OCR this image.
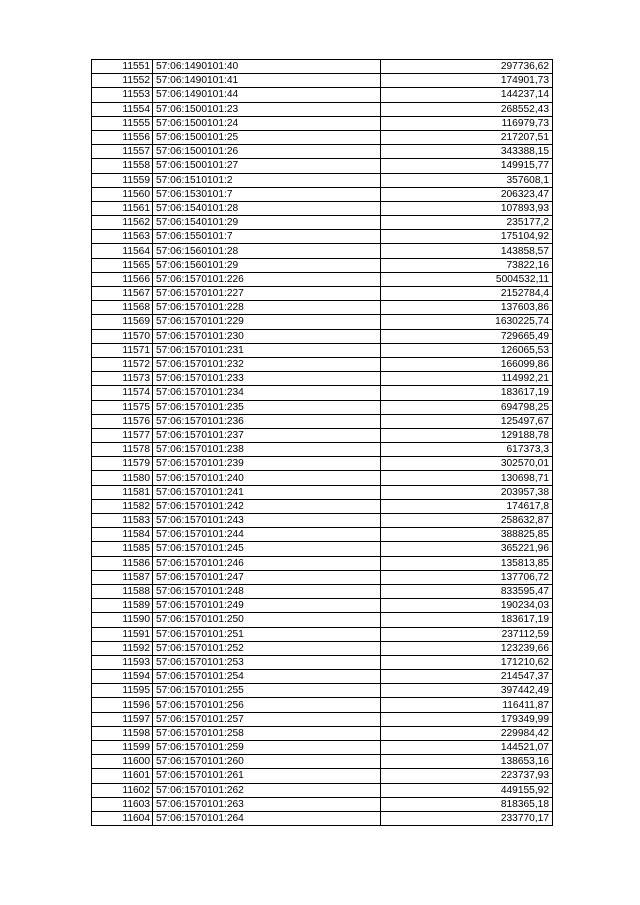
11551	57:06:1490101:40	297736,62
11552	57:06:1490101:41	174901,73
11553	57:06:1490101:44	144237,14
11554	57:06:1500101:23	268552,43
11555	57:06:1500101:24	116979,73
11556	57:06:1500101:25	217207,51
11557	57:06:1500101:26	343388,15
11558	57:06:1500101:27	149915,77
11559	57:06:1510101:2	357608,1
11560	57:06:1530101:7	206323,47
11561	57:06:1540101:28	107893,93
11562	57:06:1540101:29	235177,2
11563	57:06:1550101:7	175104,92
11564	57:06:1560101:28	143858,57
11565	57:06:1560101:29	73822,16
11566	57:06:1570101:226	5004532,11
11567	57:06:1570101:227	2152784,4
11568	57:06:1570101:228	137603,86
11569	57:06:1570101:229	1630225,74
11570	57:06:1570101:230	729665,49
11571	57:06:1570101:231	126065,53
11572	57:06:1570101:232	166099,86
11573	57:06:1570101:233	114992,21
11574	57:06:1570101:234	183617,19
11575	57:06:1570101:235	694798,25
11576	57:06:1570101:236	125497,67
11577	57:06:1570101:237	129188,78
11578	57:06:1570101:238	617373,3
11579	57:06:1570101:239	302570,01
11580	57:06:1570101:240	130698,71
11581	57:06:1570101:241	203957,38
11582	57:06:1570101:242	174617,8
11583	57:06:1570101:243	258632,87
11584	57:06:1570101:244	388825,85
11585	57:06:1570101:245	365221,96
11586	57:06:1570101:246	135813,85
11587	57:06:1570101:247	137706,72
11588	57:06:1570101:248	833595,47
11589	57:06:1570101:249	190234,03
11590	57:06:1570101:250	183617,19
11591	57:06:1570101:251	237112,59
11592	57:06:1570101:252	123239,66
11593	57:06:1570101:253	171210,62
11594	57:06:1570101:254	214547,37
11595	57:06:1570101:255	397442,49
11596	57:06:1570101:256	116411,87
11597	57:06:1570101:257	179349,99
11598	57:06:1570101:258	229984,42
11599	57:06:1570101:259	144521,07
11600	57:06:1570101:260	138653,16
11601	57:06:1570101:261	223737,93
11602	57:06:1570101:262	449155,92
11603	57:06:1570101:263	818365,18
11604	57:06:1570101:264	233770,17
